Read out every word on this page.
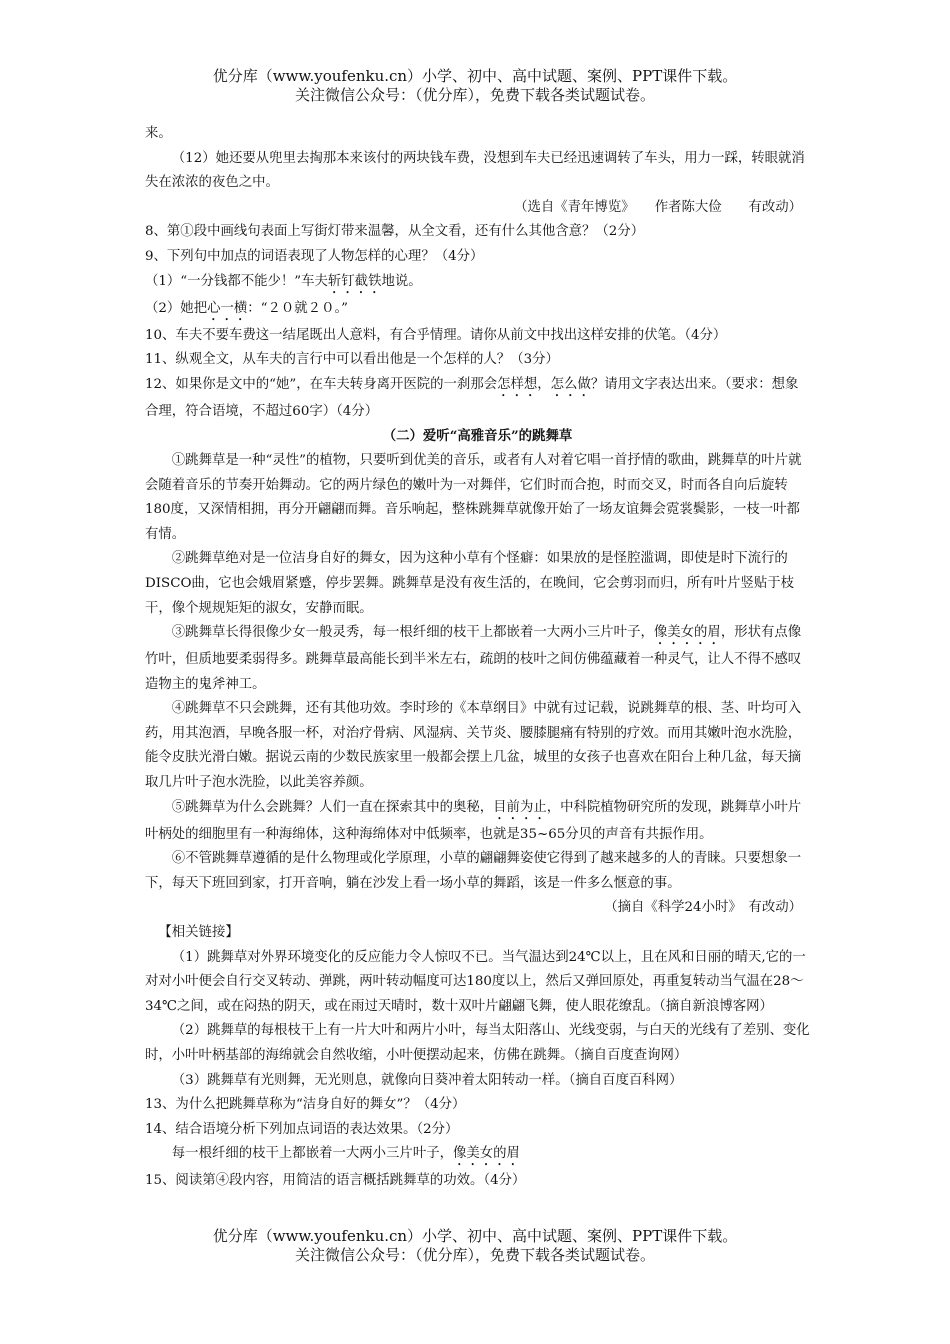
优分库（www.youfenku.cn）小学、初中、高中试题、案例、PPT课件下载。
关注微信公众号：（优分库），免费下载各类试题试卷。

来。

（12）她还要从兜里去掏那本来该付的两块钱车费，没想到车夫已经迅速调转了车头，用力一踩，转眼就消失在浓浓的夜色之中。

（选自《青年博览》　　作者陈大俭　　有改动）

8、第①段中画线句表面上写街灯带来温馨，从全文看，还有什么其他含意？（2分）

9、下列句中加点的词语表现了人物怎样的心理？（4分）

（1）“一分钱都不能少！”车夫斩钉截铁地说。

（2）她把心一横：“２０就２０。”

10、车夫不要车费这一结尾既出人意料，有合乎情理。请你从前文中找出这样安排的伏笔。（4分）

11、纵观全文，从车夫的言行中可以看出他是一个怎样的人？（3分）

12、如果你是文中的“她”，在车夫转身离开医院的一刹那会怎样想，怎么做？请用文字表达出来。（要求：想象合理，符合语境，不超过60字）（4分）

（二）爱听“高雅音乐”的跳舞草

①跳舞草是一种“灵性”的植物，只要听到优美的音乐，或者有人对着它唱一首抒情的歌曲，跳舞草的叶片就会随着音乐的节奏开始舞动。它的两片绿色的嫩叶为一对舞伴，它们时而合抱，时而交叉，时而各自向后旋转180度，又深情相拥，再分开翩翩而舞。音乐响起，整株跳舞草就像开始了一场友谊舞会霓裳鬓影，一枝一叶都有情。

②跳舞草绝对是一位洁身自好的舞女，因为这种小草有个怪癖：如果放的是怪腔滥调，即使是时下流行的DISCO曲，它也会娥眉紧蹙，停步罢舞。跳舞草是没有夜生活的，在晚间，它会剪羽而归，所有叶片竖贴于枝干，像个规规矩矩的淑女，安静而眠。

③跳舞草长得很像少女一般灵秀，每一根纤细的枝干上都嵌着一大两小三片叶子，像美女的眉，形状有点像竹叶，但质地要柔弱得多。跳舞草最高能长到半米左右，疏朗的枝叶之间仿佛蕴藏着一种灵气，让人不得不感叹造物主的鬼斧神工。

④跳舞草不只会跳舞，还有其他功效。李时珍的《本草纲目》中就有过记载，说跳舞草的根、茎、叶均可入药，用其泡酒，早晚各服一杯，对治疗骨病、风湿病、关节炎、腰膝腿痛有特别的疗效。而用其嫩叶泡水洗脸，能令皮肤光滑白嫩。据说云南的少数民族家里一般都会摆上几盆，城里的女孩子也喜欢在阳台上种几盆，每天摘取几片叶子泡水洗脸，以此美容养颜。

⑤跳舞草为什么会跳舞？人们一直在探索其中的奥秘，目前为止，中科院植物研究所的发现，跳舞草小叶片叶柄处的细胞里有一种海绵体，这种海绵体对中低频率，也就是35~65分贝的声音有共振作用。

⑥不管跳舞草遵循的是什么物理或化学原理，小草的翩翩舞姿使它得到了越来越多的人的青睐。只要想象一下，每天下班回到家，打开音响，躺在沙发上看一场小草的舞蹈，该是一件多么惬意的事。

（摘自《科学24小时》　有改动）

【相关链接】

（1）跳舞草对外界环境变化的反应能力令人惊叹不已。当气温达到24℃以上，且在风和日丽的晴天,它的一对对小叶便会自行交叉转动、弹跳，两叶转动幅度可达180度以上，然后又弹回原处，再重复转动当气温在28～34℃之间，或在闷热的阴天，或在雨过天晴时，数十双叶片翩翩飞舞，使人眼花缭乱。（摘自新浪博客网）

（2）跳舞草的每根枝干上有一片大叶和两片小叶，每当太阳落山、光线变弱，与白天的光线有了差别、变化时，小叶叶柄基部的海绵就会自然收缩，小叶便摆动起来，仿佛在跳舞。（摘自百度查询网）

（3）跳舞草有光则舞，无光则息，就像向日葵冲着太阳转动一样。（摘自百度百科网）

13、为什么把跳舞草称为“洁身自好的舞女”？（4分）

14、结合语境分析下列加点词语的表达效果。（2分）

每一根纤细的枝干上都嵌着一大两小三片叶子，像美女的眉

15、阅读第④段内容，用简洁的语言概括跳舞草的功效。（4分）

优分库（www.youfenku.cn）小学、初中、高中试题、案例、PPT课件下载。
关注微信公众号：（优分库），免费下载各类试题试卷。
